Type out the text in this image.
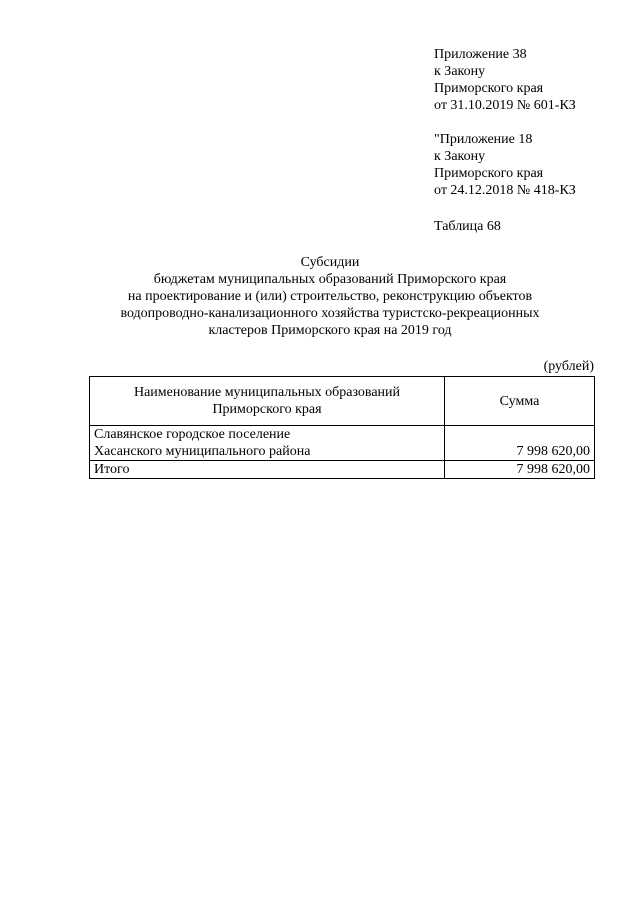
Приложение 38
к Закону
Приморского края
от 31.10.2019 № 601-КЗ
"Приложение 18
к Закону
Приморского края
от 24.12.2018 № 418-КЗ
Таблица 68
Субсидии
бюджетам муниципальных образований Приморского края
на проектирование и (или) строительство, реконструкцию объектов
водопроводно-канализационного хозяйства туристско-рекреационных
кластеров Приморского края на 2019 год
(рублей)
Наименование муниципальных образований
Приморского края	Сумма

Славянское городское поселение
Хасанского муниципального района	7 998 620,00
Итого	7 998 620,00
